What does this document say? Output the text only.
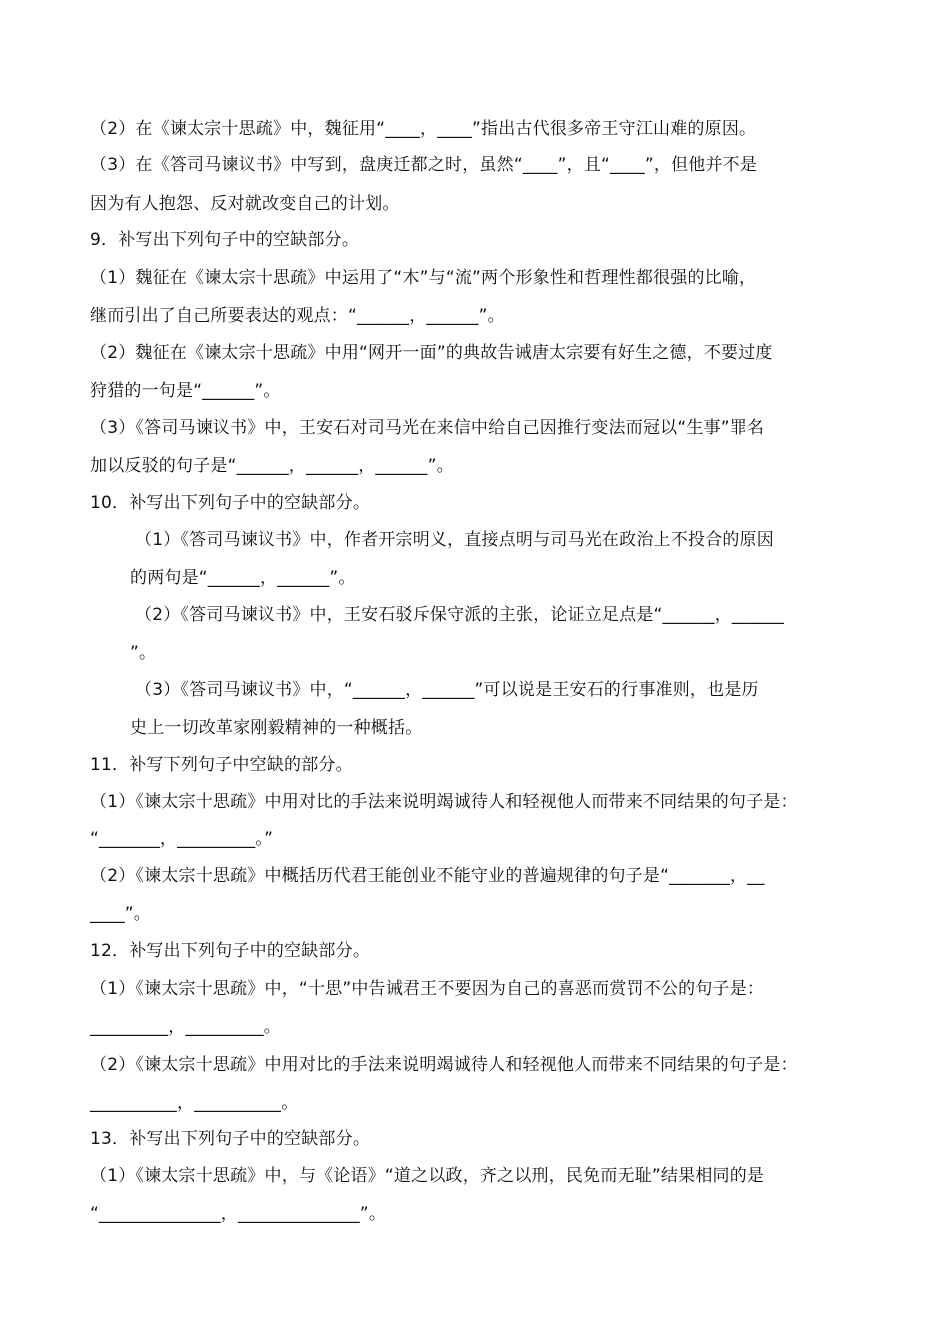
（2）在《谏太宗十思疏》中，魏征用“____，____”指出古代很多帝王守江山难的原因。
（3）在《答司马谏议书》中写到，盘庚迁都之时，虽然“____”，且“____”，但他并不是
因为有人抱怨、反对就改变自己的计划。
9．补写出下列句子中的空缺部分。
（1）魏征在《谏太宗十思疏》中运用了“木”与“流”两个形象性和哲理性都很强的比喻，
继而引出了自己所要表达的观点：“______，______”。
（2）魏征在《谏太宗十思疏》中用“网开一面”的典故告诫唐太宗要有好生之德，不要过度
狩猎的一句是“______”。
（3）《答司马谏议书》中，王安石对司马光在来信中给自己因推行变法而冠以“生事”罪名
加以反驳的句子是“______，______，______”。
10．补写出下列句子中的空缺部分。
（1）《答司马谏议书》中，作者开宗明义，直接点明与司马光在政治上不投合的原因
的两句是“______，______”。
（2）《答司马谏议书》中，王安石驳斥保守派的主张，论证立足点是“______，______
”。
（3）《答司马谏议书》中，“______，______”可以说是王安石的行事准则，也是历
史上一切改革家刚毅精神的一种概括。
11．补写下列句子中空缺的部分。
（1）《谏太宗十思疏》中用对比的手法来说明竭诚待人和轻视他人而带来不同结果的句子是：
“_______，_________。”
（2）《谏太宗十思疏》中概括历代君王能创业不能守业的普遍规律的句子是“_______，__
____”。
12．补写出下列句子中的空缺部分。
（1）《谏太宗十思疏》中，“十思”中告诫君王不要因为自己的喜恶而赏罚不公的句子是：
_________，_________。
（2）《谏太宗十思疏》中用对比的手法来说明竭诚待人和轻视他人而带来不同结果的句子是：
__________，__________。
13．补写出下列句子中的空缺部分。
（1）《谏太宗十思疏》中，与《论语》“道之以政，齐之以刑，民免而无耻”结果相同的是
“______________，______________”。
